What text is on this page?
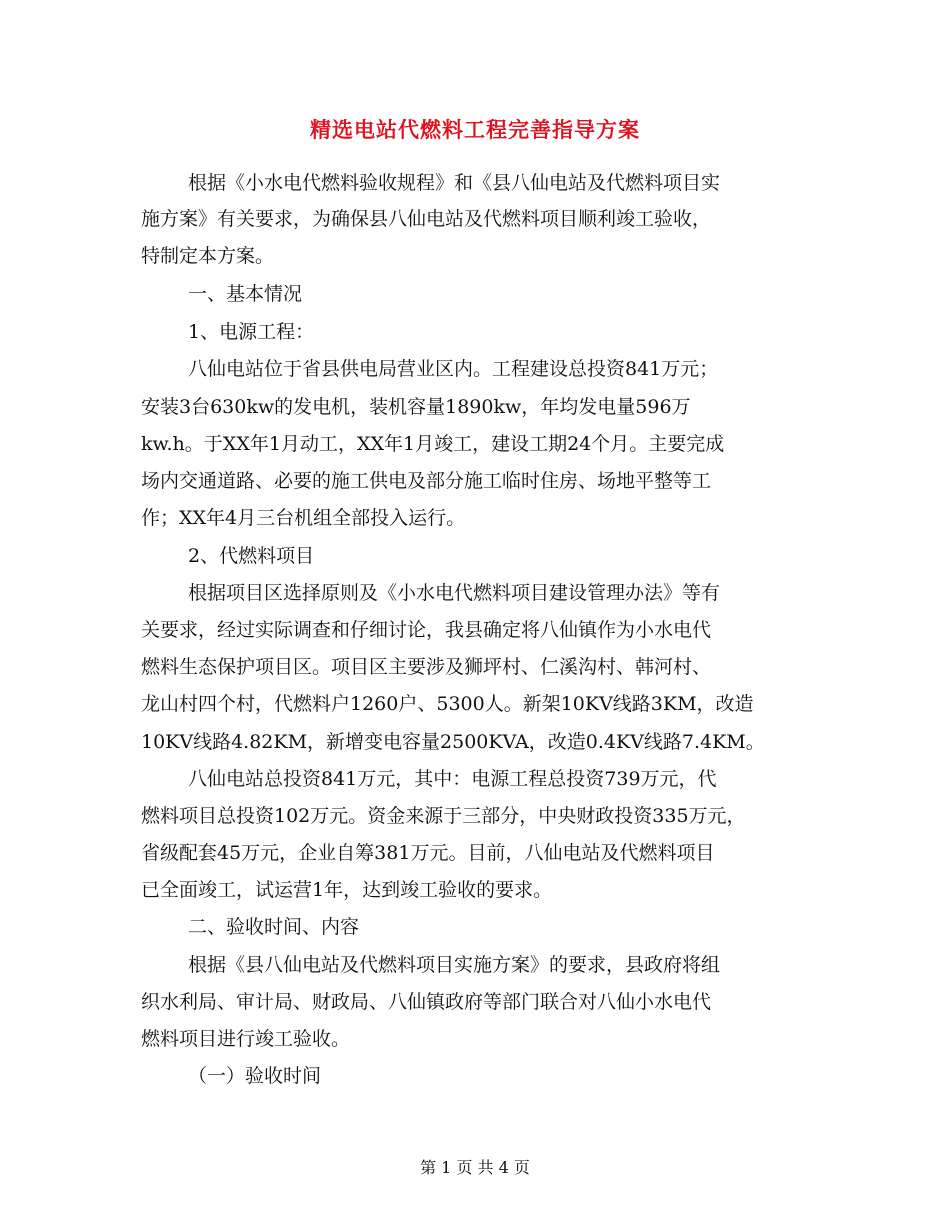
精选电站代燃料工程完善指导方案
根据《小水电代燃料验收规程》和《县八仙电站及代燃料项目实
施方案》有关要求，为确保县八仙电站及代燃料项目顺利竣工验收，
特制定本方案。
一、基本情况
1、电源工程：
八仙电站位于省县供电局营业区内。工程建设总投资841万元；
安装3台630kw的发电机，装机容量1890kw，年均发电量596万
kw.h。于XX年1月动工，XX年1月竣工，建设工期24个月。主要完成
场内交通道路、必要的施工供电及部分施工临时住房、场地平整等工
作；XX年4月三台机组全部投入运行。
2、代燃料项目
根据项目区选择原则及《小水电代燃料项目建设管理办法》等有
关要求，经过实际调查和仔细讨论，我县确定将八仙镇作为小水电代
燃料生态保护项目区。项目区主要涉及狮坪村、仁溪沟村、韩河村、
龙山村四个村，代燃料户1260户、5300人。新架10KV线路3KM，改造
10KV线路4.82KM，新增变电容量2500KVA，改造0.4KV线路7.4KM。
八仙电站总投资841万元，其中：电源工程总投资739万元，代
燃料项目总投资102万元。资金来源于三部分，中央财政投资335万元，
省级配套45万元，企业自筹381万元。目前，八仙电站及代燃料项目
已全面竣工，试运营1年，达到竣工验收的要求。
二、验收时间、内容
根据《县八仙电站及代燃料项目实施方案》的要求，县政府将组
织水利局、审计局、财政局、八仙镇政府等部门联合对八仙小水电代
燃料项目进行竣工验收。
（一）验收时间
第 1 页 共 4 页
